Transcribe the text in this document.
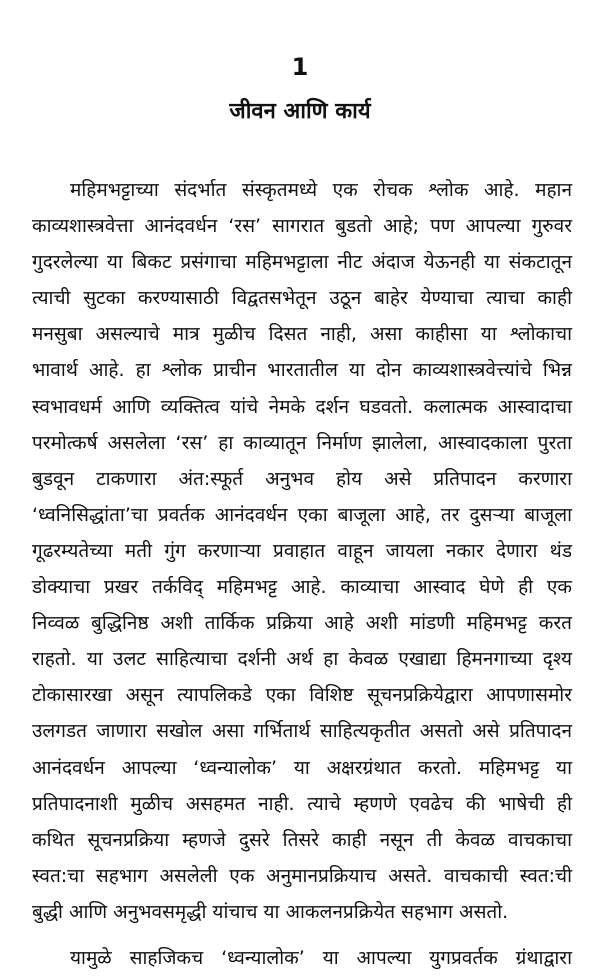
1
जीवन आणि कार्य
महिमभट्टाच्या संदर्भात संस्कृतमध्ये एक रोचक श्लोक आहे. महान
काव्यशास्त्रवेत्ता आनंदवर्धन ‘रस’ सागरात बुडतो आहे; पण आपल्या गुरुवर
गुदरलेल्या या बिकट प्रसंगाचा महिमभट्टाला नीट अंदाज येऊनही या संकटातून
त्याची सुटका करण्यासाठी विद्वतसभेतून उठून बाहेर येण्याचा त्याचा काही
मनसुबा असल्याचे मात्र मुळीच दिसत नाही, असा काहीसा या श्लोकाचा
भावार्थ आहे. हा श्लोक प्राचीन भारतातील या दोन काव्यशास्त्रवेत्त्यांचे भिन्न
स्वभावधर्म आणि व्यक्तित्व यांचे नेमके दर्शन घडवतो. कलात्मक आस्वादाचा
परमोत्कर्ष असलेला ‘रस’ हा काव्यातून निर्माण झालेला, आस्वादकाला पुरता
बुडवून टाकणारा अंत:स्फूर्त अनुभव होय असे प्रतिपादन करणारा
‘ध्वनिसिद्धांता’चा प्रवर्तक आनंदवर्धन एका बाजूला आहे, तर दुसऱ्या बाजूला
गूढरम्यतेच्या मती गुंग करणाऱ्या प्रवाहात वाहून जायला नकार देणारा थंड
डोक्याचा प्रखर तर्कविद् महिमभट्ट आहे. काव्याचा आस्वाद घेणे ही एक
निव्वळ बुद्धिनिष्ठ अशी तार्किक प्रक्रिया आहे अशी मांडणी महिमभट्ट करत
राहतो. या उलट साहित्याचा दर्शनी अर्थ हा केवळ एखाद्या हिमनगाच्या दृश्य
टोकासारखा असून त्यापलिकडे एका विशिष्ट सूचनप्रक्रियेद्वारा आपणासमोर
उलगडत जाणारा सखोल असा गर्भितार्थ साहित्यकृतीत असतो असे प्रतिपादन
आनंदवर्धन आपल्या ‘ध्वन्यालोक’ या अक्षरग्रंथात करतो. महिमभट्ट या
प्रतिपादनाशी मुळीच असहमत नाही. त्याचे म्हणणे एवढेच की भाषेची ही
कथित सूचनप्रक्रिया म्हणजे दुसरे तिसरे काही नसून ती केवळ वाचकाचा
स्वत:चा सहभाग असलेली एक अनुमानप्रक्रियाच असते. वाचकाची स्वत:ची
बुद्धी आणि अनुभवसमृद्धी यांचाच या आकलनप्रक्रियेत सहभाग असतो.
यामुळे साहजिकच ‘ध्वन्यालोक’ या आपल्या युगप्रवर्तक ग्रंथाद्वारा
